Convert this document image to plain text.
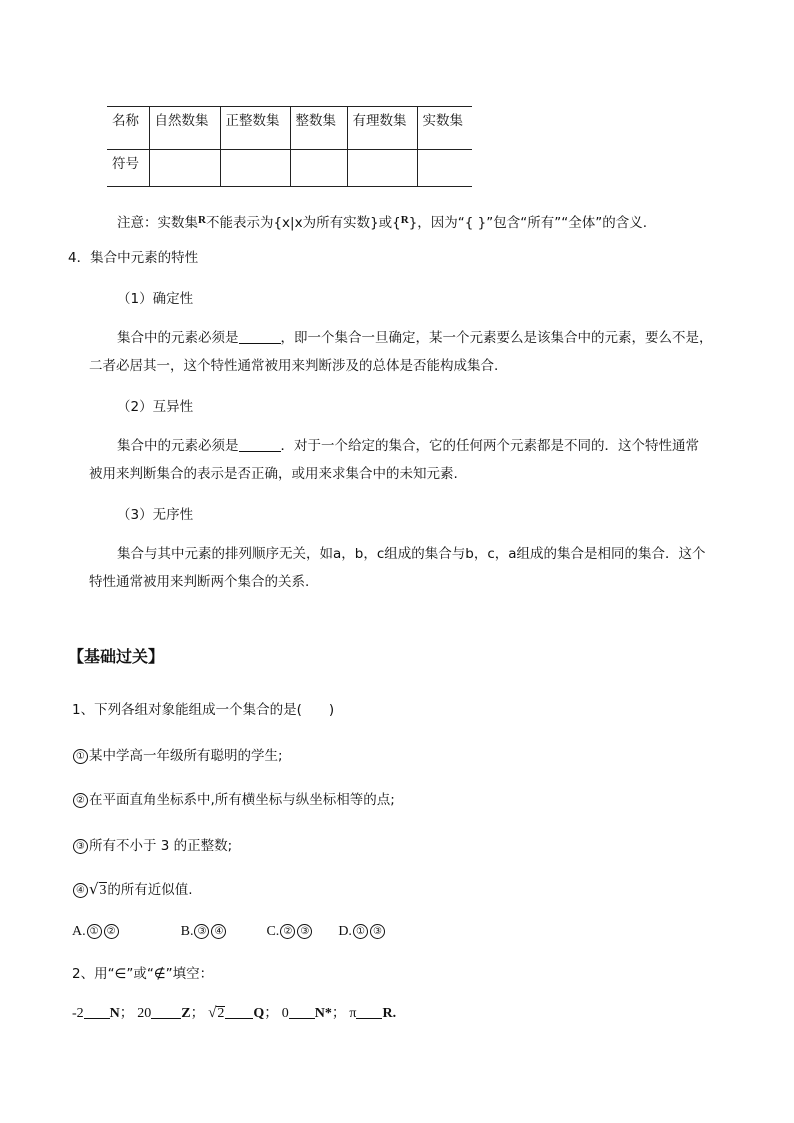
名称	自然数集	正整数集	整数集	有理数集	实数集
符号					
注意：实数集$^R$不能表示为{x|x为所有实数}或{$^R$}，因为“{ }”包含“所有”“全体”的含义.
4．集合中元素的特性
（1）确定性
集合中的元素必须是	，即一个集合一旦确定，某一个元素要么是该集合中的元素，要么不是，
二者必居其一，这个特性通常被用来判断涉及的总体是否能构成集合.
（2）互异性
集合中的元素必须是	．对于一个给定的集合，它的任何两个元素都是不同的．这个特性通常
被用来判断集合的表示是否正确，或用来求集合中的未知元素.
（3）无序性
集合与其中元素的排列顺序无关，如a，b，c组成的集合与b，c，a组成的集合是相同的集合．这个
特性通常被用来判断两个集合的关系.
【基础过关】
1、下列各组对象能组成一个集合的是(　　)
① 某中学高一年级所有聪明的学生;
② 在平面直角坐标系中,所有横坐标与纵坐标相等的点;
③ 所有不小于 3 的正整数;
④ √3的所有近似值.
A. ① ②	B. ③ ④	C. ② ③ D. ① ③
2、用“∈”或“∉”填空：
-2 N； 20 Z； √2 Q； 0 N*； π R.
